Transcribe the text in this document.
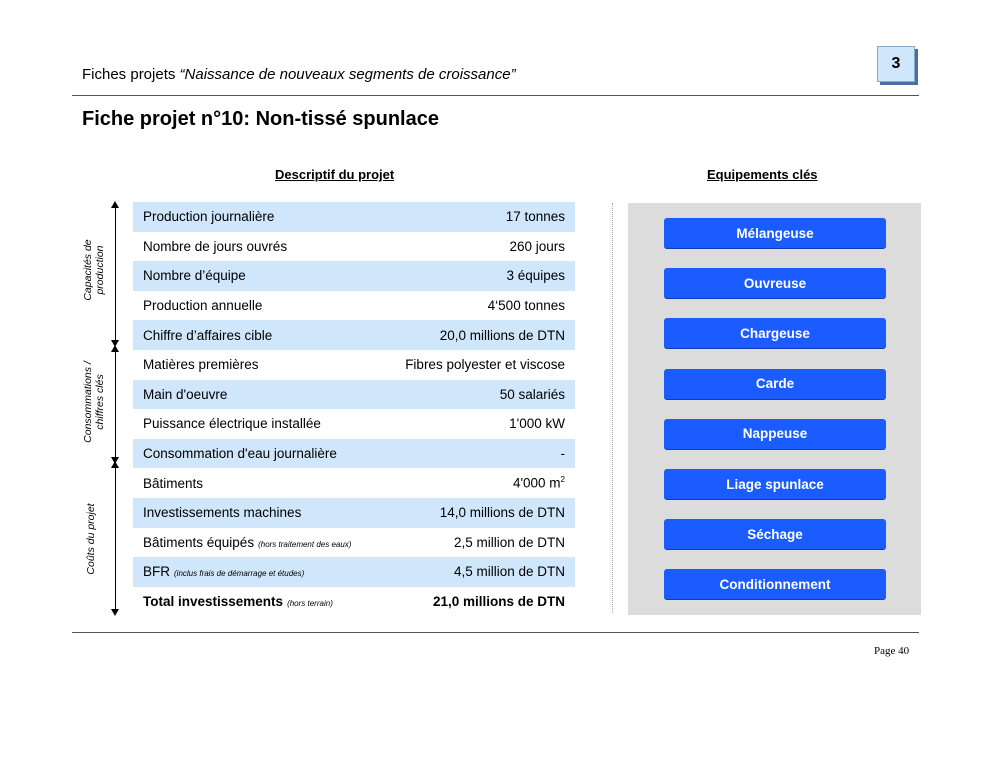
Fiches projets “Naissance de nouveaux segments de croissance”
3
Fiche projet n°10: Non-tissé spunlace
Descriptif du projet	Equipements clés
Capacités de production
Consommations / chiffres clés
Coûts du projet
Production journalière	17 tonnes
Nombre de jours ouvrés	260 jours
Nombre d’équipe	3 équipes
Production annuelle	4‘500 tonnes
Chiffre d’affaires cible	20,0 millions de DTN
Matières premières	Fibres polyester et viscose
Main d'oeuvre	50 salariés
Puissance électrique installée	1'000 kW
Consommation d'eau journalière	-
Bâtiments	4'000 $m^2$
Investissements machines	14,0 millions de DTN
Bâtiments équipés (hors traitement des eaux)	2,5 million de DTN
BFR (inclus frais de démarrage et études)	4,5 million de DTN
Total investissements (hors terrain)	21,0 millions de DTN
Mélangeuse
Ouvreuse
Chargeuse
Carde
Nappeuse
Liage spunlace
Séchage
Conditionnement
Page 40
